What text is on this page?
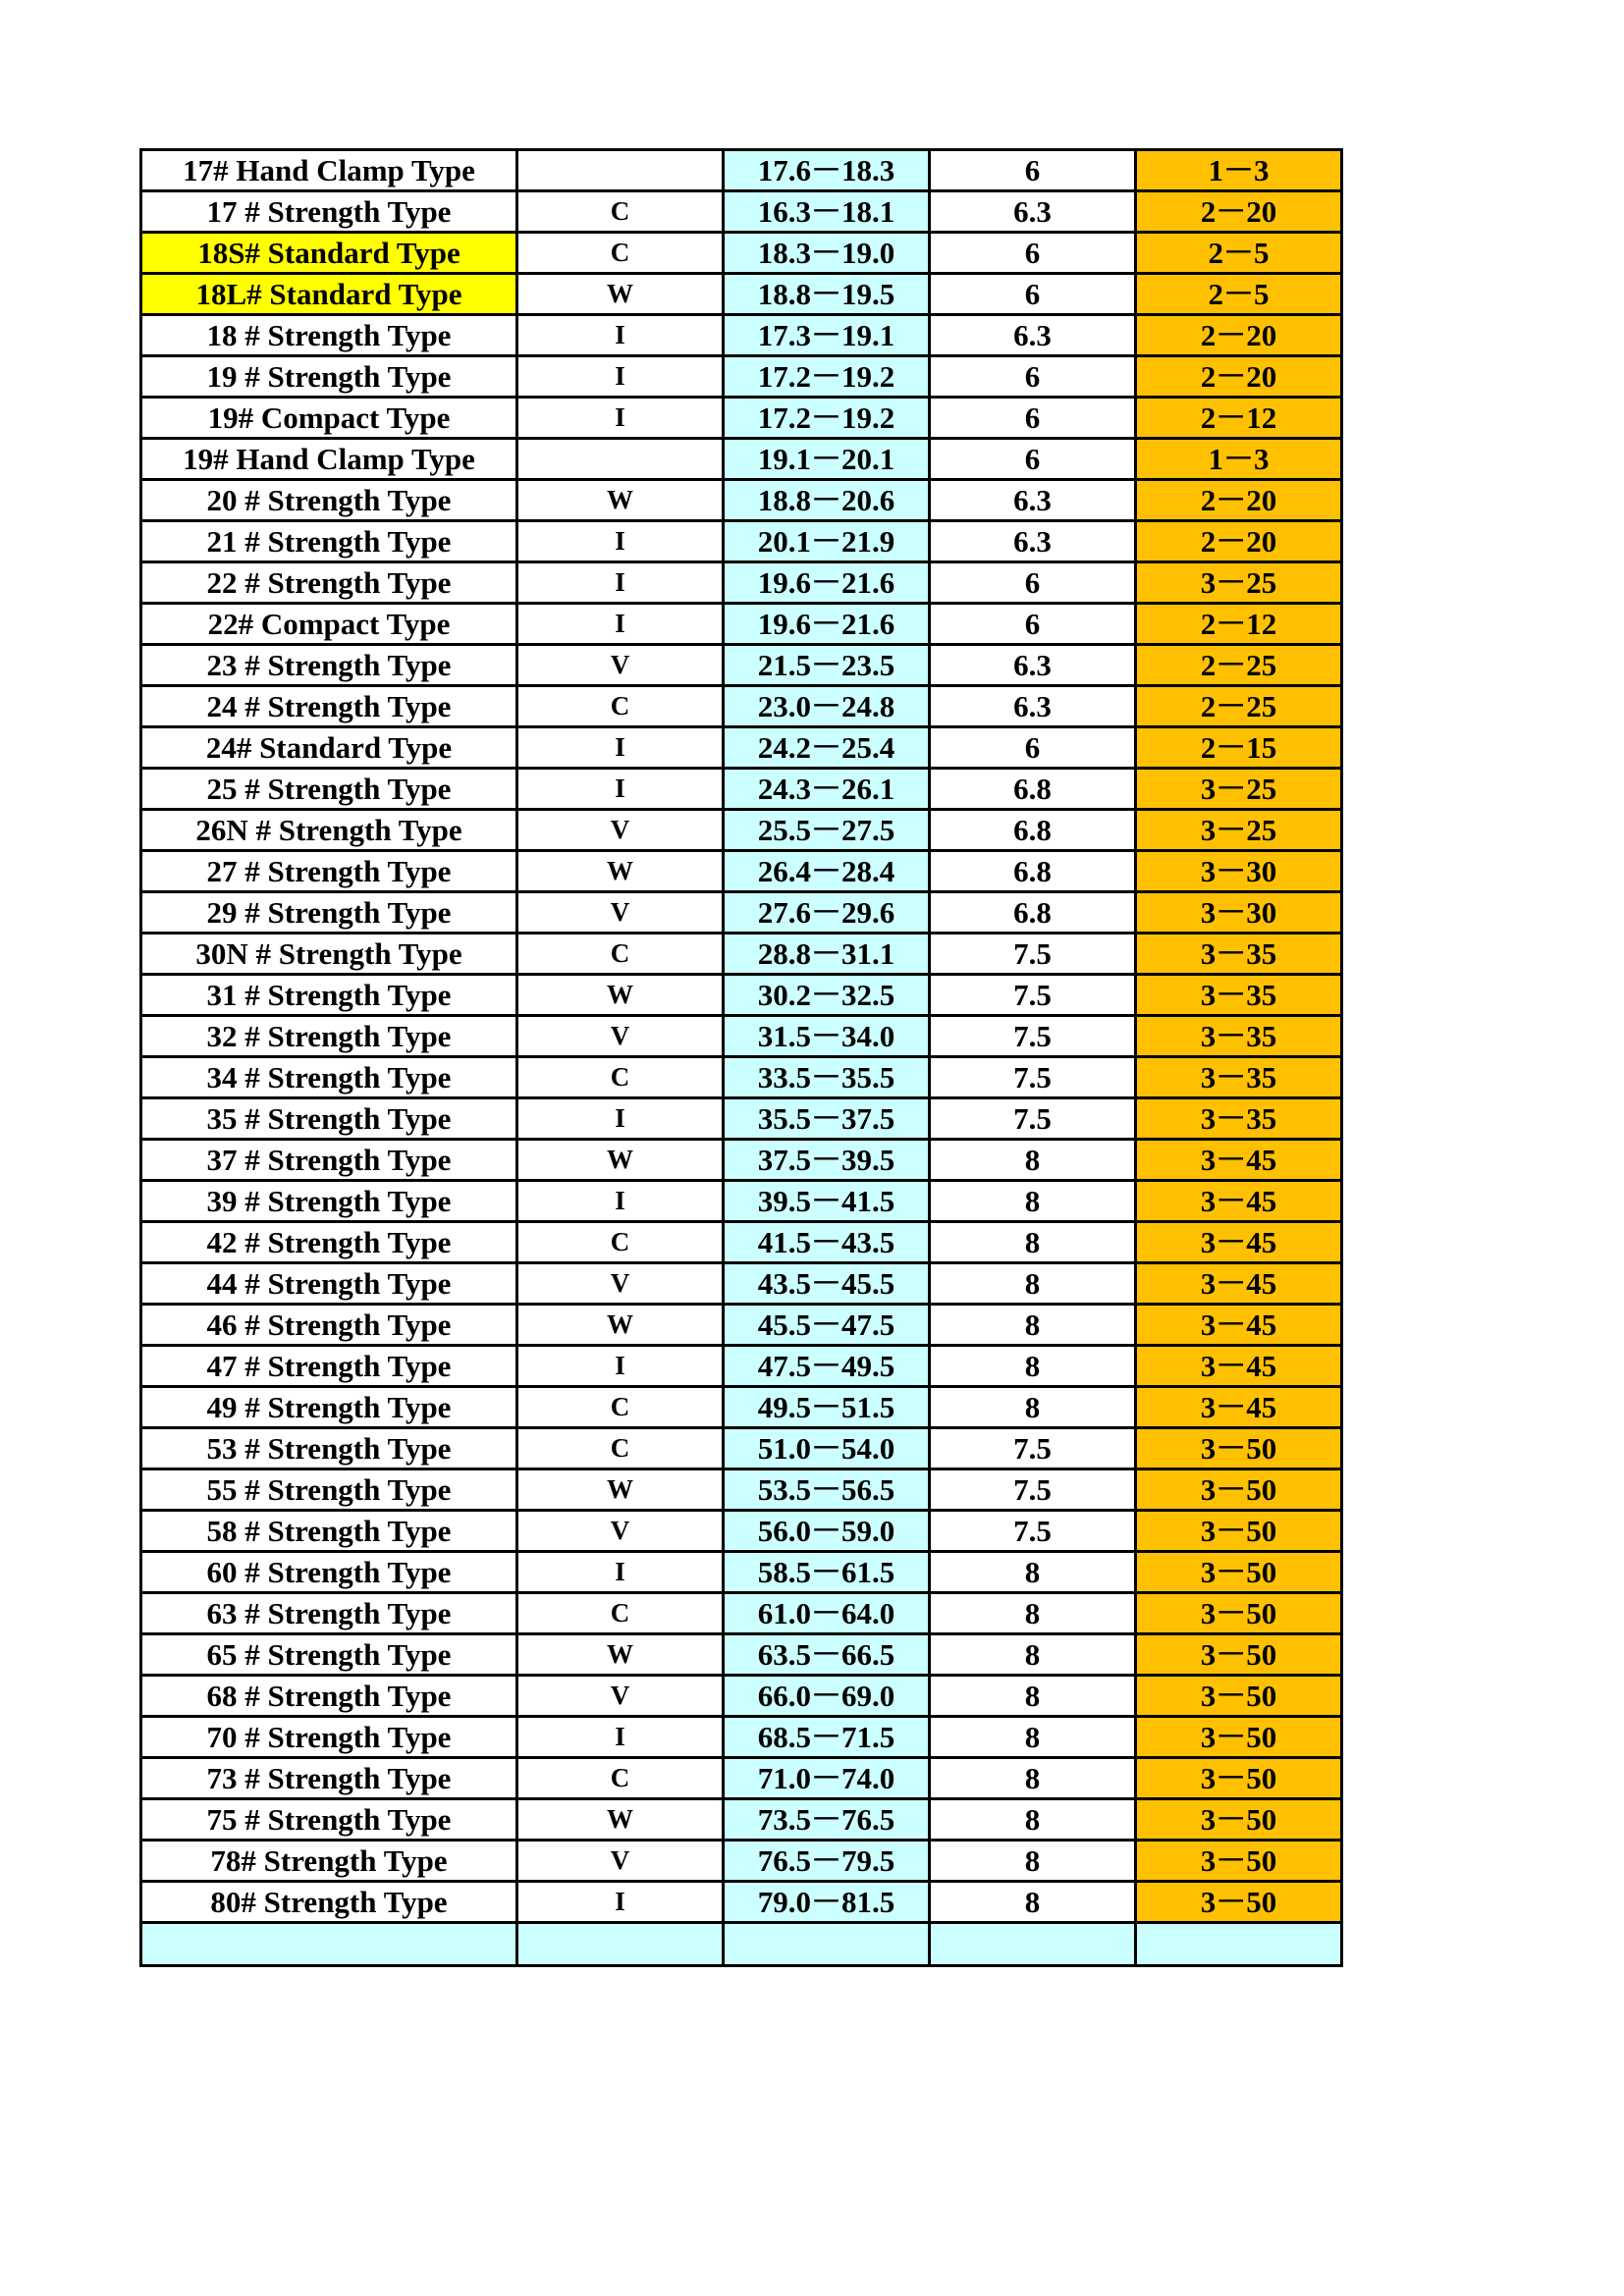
17# Hand Clamp Type		17.6－18.3	6	1－3
17 # Strength Type	C	16.3－18.1	6.3	2－20
18S# Standard Type	C	18.3－19.0	6	2－5
18L# Standard Type	W	18.8－19.5	6	2－5
18 # Strength Type	I	17.3－19.1	6.3	2－20
19 # Strength Type	I	17.2－19.2	6	2－20
19# Compact Type	I	17.2－19.2	6	2－12
19# Hand Clamp Type		19.1－20.1	6	1－3
20 # Strength Type	W	18.8－20.6	6.3	2－20
21 # Strength Type	I	20.1－21.9	6.3	2－20
22 # Strength Type	I	19.6－21.6	6	3－25
22# Compact Type	I	19.6－21.6	6	2－12
23 # Strength Type	V	21.5－23.5	6.3	2－25
24 # Strength Type	C	23.0－24.8	6.3	2－25
24# Standard Type	I	24.2－25.4	6	2－15
25 # Strength Type	I	24.3－26.1	6.8	3－25
26N # Strength Type	V	25.5－27.5	6.8	3－25
27 # Strength Type	W	26.4－28.4	6.8	3－30
29 # Strength Type	V	27.6－29.6	6.8	3－30
30N # Strength Type	C	28.8－31.1	7.5	3－35
31 # Strength Type	W	30.2－32.5	7.5	3－35
32 # Strength Type	V	31.5－34.0	7.5	3－35
34 # Strength Type	C	33.5－35.5	7.5	3－35
35 # Strength Type	I	35.5－37.5	7.5	3－35
37 # Strength Type	W	37.5－39.5	8	3－45
39 # Strength Type	I	39.5－41.5	8	3－45
42 # Strength Type	C	41.5－43.5	8	3－45
44 # Strength Type	V	43.5－45.5	8	3－45
46 # Strength Type	W	45.5－47.5	8	3－45
47 # Strength Type	I	47.5－49.5	8	3－45
49 # Strength Type	C	49.5－51.5	8	3－45
53 # Strength Type	C	51.0－54.0	7.5	3－50
55 # Strength Type	W	53.5－56.5	7.5	3－50
58 # Strength Type	V	56.0－59.0	7.5	3－50
60 # Strength Type	I	58.5－61.5	8	3－50
63 # Strength Type	C	61.0－64.0	8	3－50
65 # Strength Type	W	63.5－66.5	8	3－50
68 # Strength Type	V	66.0－69.0	8	3－50
70 # Strength Type	I	68.5－71.5	8	3－50
73 # Strength Type	C	71.0－74.0	8	3－50
75 # Strength Type	W	73.5－76.5	8	3－50
78# Strength Type	V	76.5－79.5	8	3－50
80# Strength Type	I	79.0－81.5	8	3－50
